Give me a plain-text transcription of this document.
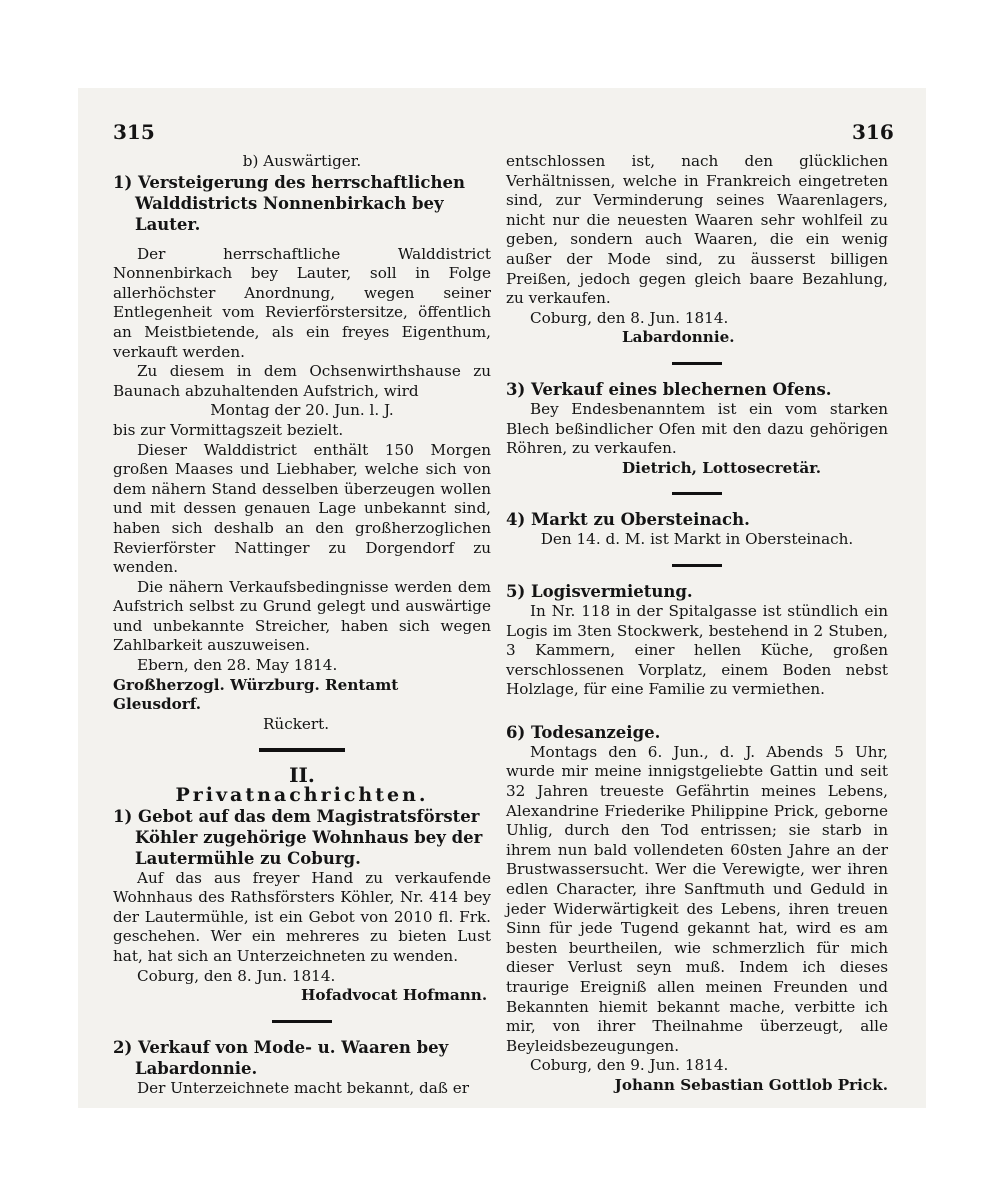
315	316

b) Auswärtiger.

1) Versteigerung des herrschaftlichen Walddistricts Nonnenbirkach bey Lauter.

Der herrschaftliche Walddistrict Nonnenbirkach bey Lauter, soll in Folge allerhöchster Anordnung, wegen seiner Entlegenheit vom Revierförstersitze, öffentlich an Meistbietende, als ein freyes Eigenthum, verkauft werden.

Zu diesem in dem Ochsenwirthshause zu Baunach abzuhaltenden Aufstrich, wird

Montag der 20. Jun. l. J.

bis zur Vormittagszeit bezielt.

Dieser Walddistrict enthält 150 Morgen großen Maases und Liebhaber, welche sich von dem nähern Stand desselben überzeugen wollen und mit dessen genauen Lage unbekannt sind, haben sich deshalb an den großherzoglichen Revierförster Nattinger zu Dorgendorf zu wenden.

Die nähern Verkaufsbedingnisse werden dem Aufstrich selbst zu Grund gelegt und auswärtige und unbekannte Streicher, haben sich wegen Zahlbarkeit auszuweisen.

Ebern, den 28. May 1814.

Großherzogl. Würzburg. Rentamt Gleusdorf.

Rückert.

II.

Privatnachrichten.

1) Gebot auf das dem Magistratsförster Köhler zugehörige Wohnhaus bey der Lautermühle zu Coburg.

Auf das aus freyer Hand zu verkaufende Wohnhaus des Rathsförsters Köhler, Nr. 414 bey der Lautermühle, ist ein Gebot von 2010 fl. Frk. geschehen. Wer ein mehreres zu bieten Lust hat, hat sich an Unterzeichneten zu wenden.

Coburg, den 8. Jun. 1814.

Hofadvocat Hofmann.

2) Verkauf von Mode- u. Waaren bey Labardonnie.

Der Unterzeichnete macht bekannt, daß er

entschlossen ist, nach den glücklichen Verhältnissen, welche in Frankreich eingetreten sind, zur Verminderung seines Waarenlagers, nicht nur die neuesten Waaren sehr wohlfeil zu geben, sondern auch Waaren, die ein wenig außer der Mode sind, zu äusserst billigen Preißen, jedoch gegen gleich baare Bezahlung, zu verkaufen.

Coburg, den 8. Jun. 1814.

Labardonnie.

3) Verkauf eines blechernen Ofens.

Bey Endesbenanntem ist ein vom starken Blech beßindlicher Ofen mit den dazu gehörigen Röhren, zu verkaufen.

Dietrich, Lottosecretär.

4) Markt zu Obersteinach.

Den 14. d. M. ist Markt in Obersteinach.

5) Logisvermietung.

In Nr. 118 in der Spitalgasse ist stündlich ein Logis im 3ten Stockwerk, bestehend in 2 Stuben, 3 Kammern, einer hellen Küche, großen verschlossenen Vorplatz, einem Boden nebst Holzlage, für eine Familie zu vermiethen.

6) Todesanzeige.

Montags den 6. Jun., d. J. Abends 5 Uhr, wurde mir meine innigstgeliebte Gattin und seit 32 Jahren treueste Gefährtin meines Lebens, Alexandrine Friederike Philippine Prick, geborne Uhlig, durch den Tod entrissen; sie starb in ihrem nun bald vollendeten 60sten Jahre an der Brustwassersucht. Wer die Verewigte, wer ihren edlen Character, ihre Sanftmuth und Geduld in jeder Widerwärtigkeit des Lebens, ihren treuen Sinn für jede Tugend gekannt hat, wird es am besten beurtheilen, wie schmerzlich für mich dieser Verlust seyn muß. Indem ich dieses traurige Ereigniß allen meinen Freunden und Bekannten hiemit bekannt mache, verbitte ich mir, von ihrer Theilnahme überzeugt, alle Beyleidsbezeugungen.

Coburg, den 9. Jun. 1814.

Johann Sebastian Gottlob Prick.
